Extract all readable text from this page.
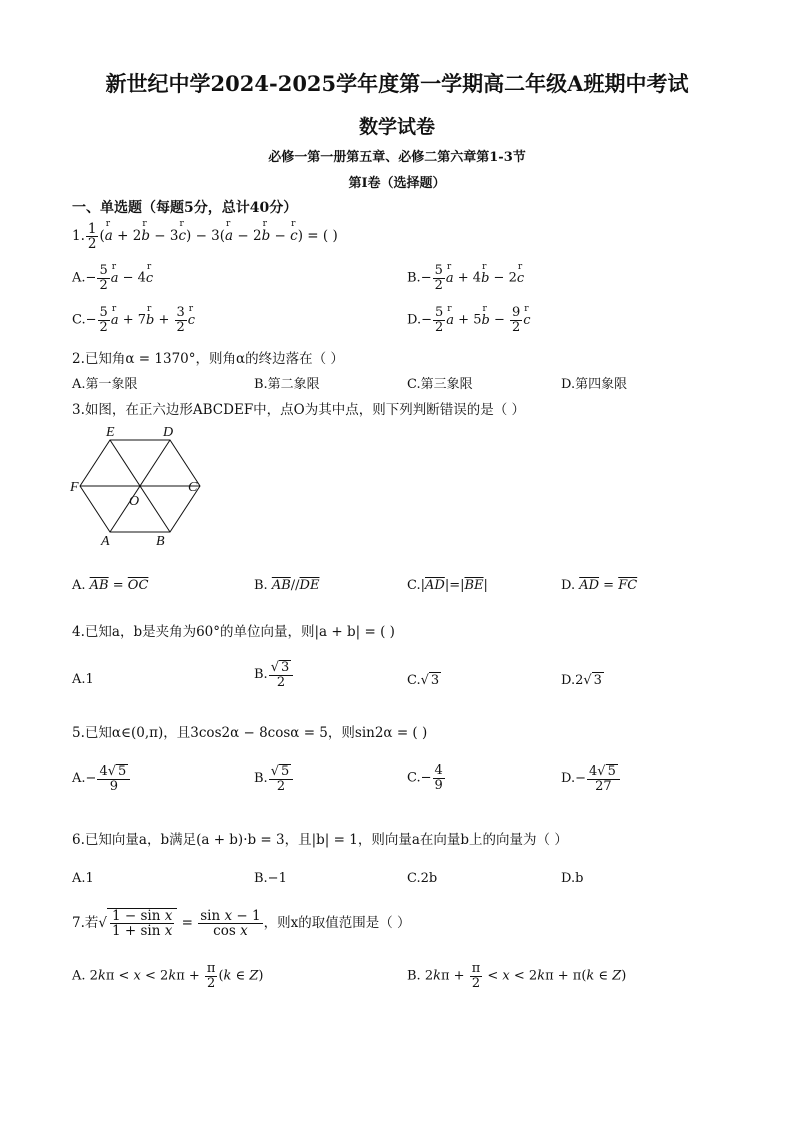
新世纪中学2024-2025学年度第一学期高二年级A班期中考试
数学试卷
必修一第一册第五章、必修二第六章第1-3节
第Ⅰ卷（选择题）
一、单选题（每题5分，总计40分）
1. $\frac{1}{2} (r$ a + 2r b − 3r c) − 3(r a − 2r b − r c) = ( )
$A.- \frac{5}{2}$ r a − 4r c	$B.- \frac{5}{2}$ r a + 4r b − 2r c
$C.- \frac{5}{2}$ r a + 7r $b + \frac{3}{2}$ r c	$D.- \frac{5}{2}$ r a + 5r $b - \frac{9}{2}$ r c
2.已知角α = 1370°，则角α的终边落在（ ）
A.第一象限	B.第二象限	C.第三象限	D.第四象限
3.如图，在正六边形ABCDEF中，点O为其中点，则下列判断错误的是（ ）
E	D
F	C
O
A	B
A. $\overline{AB} = \overline{OC}$	B. $\overline{AB}//\overline{DE}$	$C.|\overline{AD}|=|\overline{BE}|$	D. $\overline{AD} = \overline{FC}$
4.已知a，b是夹角为60°的单位向量，则|a + b| = ( )
A.1	B. $\frac{√ 3}{2}$	C.√ 3	D.2√ 3
5.已知α∈(0,π)，且3cos2α − 8cosα = 5，则sin2α = ( )
$A.- \frac{4√ 5}{9}$	B. $\frac{√ 5}{2}$	$C.- \frac{4}{9}$	$D.- \frac{4√ 5}{27}$
6.已知向量a，b满足(a + b)·b = 3，且|b| = 1，则向量a在向量b上的向量为（ ）
A.1	B.−1	C.2b	D.b
7.若√ $\frac{\text{1 − sin x}}{\text{1 + sin x}} = \frac{\text{sin x − 1}}{\text{cos x}}$ ，则x的取值范围是（ ）
A. $2k\pi < x < 2k\pi + \frac{\pi}{2} (k$ ∈ Z)	B. $2k\pi + \frac{\pi}{2} < x < 2k\pi + \pi(k$ ∈ Z)
